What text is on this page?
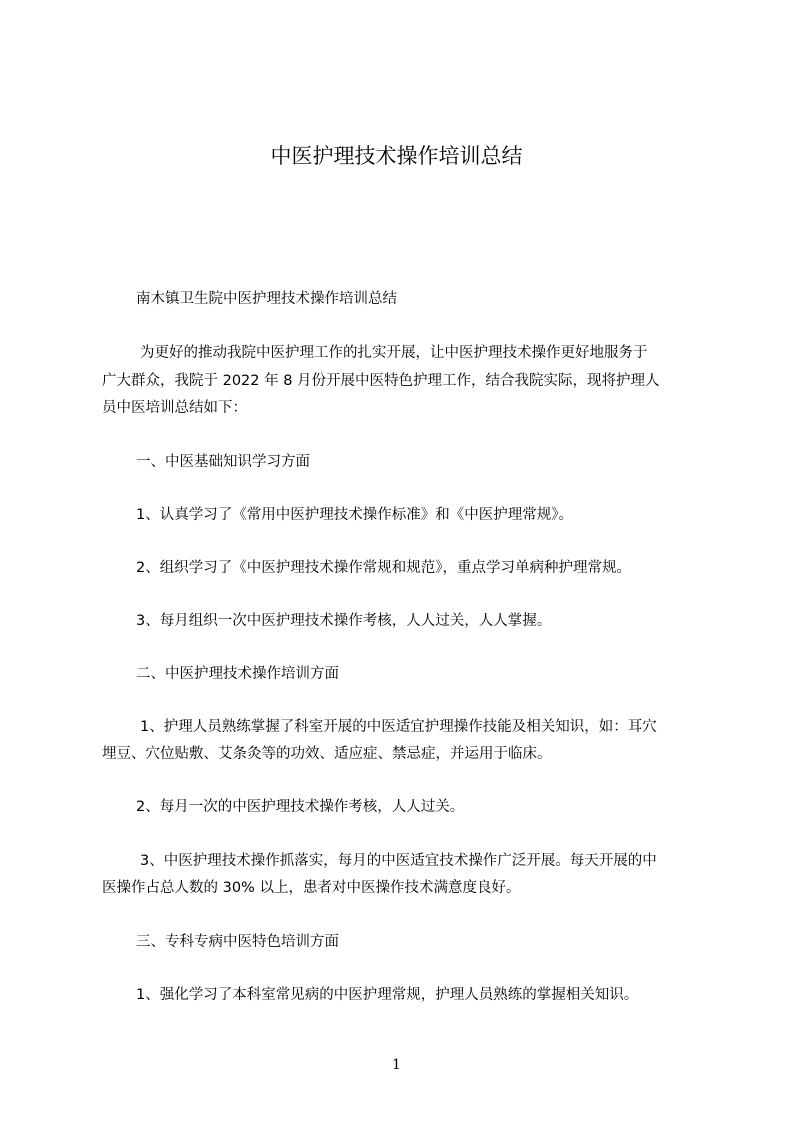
中医护理技术操作培训总结
南木镇卫生院中医护理技术操作培训总结
为更好的推动我院中医护理工作的扎实开展，让中医护理技术操作更好地服务于
广大群众，我院于 2022 年 8 月份开展中医特色护理工作，结合我院实际，现将护理人
员中医培训总结如下：
一、中医基础知识学习方面
1、认真学习了《常用中医护理技术操作标准》和《中医护理常规》。
2、组织学习了《中医护理技术操作常规和规范》，重点学习单病种护理常规。
3、每月组织一次中医护理技术操作考核，人人过关，人人掌握。
二、中医护理技术操作培训方面
1、护理人员熟练掌握了科室开展的中医适宜护理操作技能及相关知识，如：耳穴
埋豆、穴位贴敷、艾条灸等的功效、适应症、禁忌症，并运用于临床。
2、每月一次的中医护理技术操作考核，人人过关。
3、中医护理技术操作抓落实，每月的中医适宜技术操作广泛开展。每天开展的中
医操作占总人数的 30% 以上，患者对中医操作技术满意度良好。
三、专科专病中医特色培训方面
1、强化学习了本科室常见病的中医护理常规，护理人员熟练的掌握相关知识。
1
